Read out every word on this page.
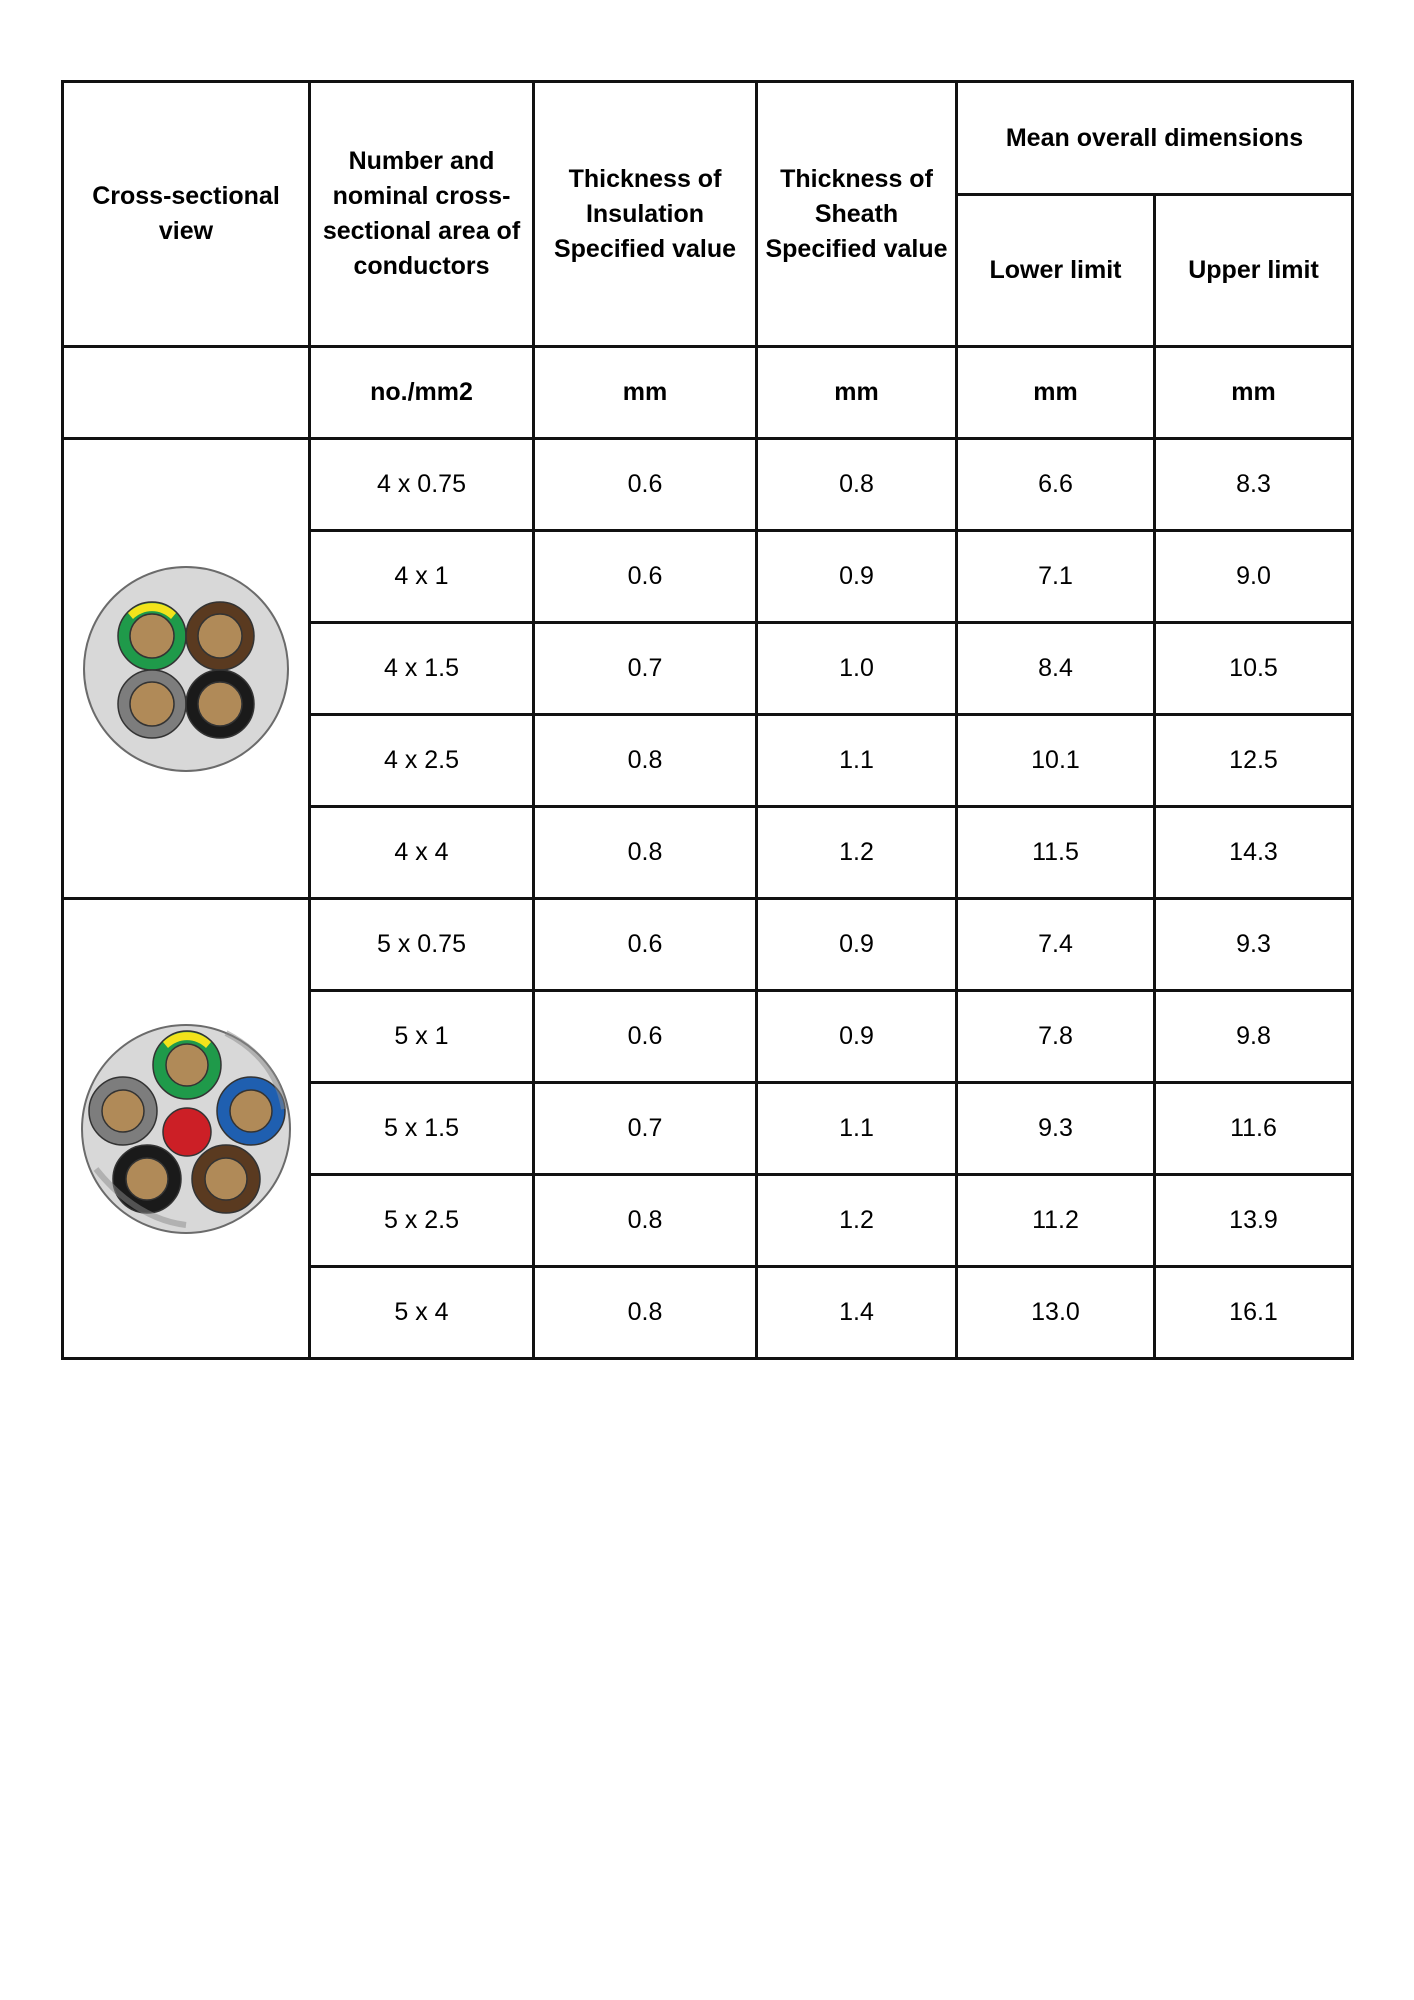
Cross-sectional view	Number and nominal cross-sectional area of conductors	Thickness of Insulation Specified value	Thickness of Sheath Specified value	Mean overall dimensions	
				Lower limit	Upper limit
	no./mm2	mm	mm	mm	mm

	4 x 0.75	0.6	0.8	6.6	8.3
	4 x 1	0.6	0.9	7.1	9.0
	4 x 1.5	0.7	1.0	8.4	10.5
	4 x 2.5	0.8	1.1	10.1	12.5
	4 x 4	0.8	1.2	11.5	14.3

	5 x 0.75	0.6	0.9	7.4	9.3
	5 x 1	0.6	0.9	7.8	9.8
	5 x 1.5	0.7	1.1	9.3	11.6
	5 x 2.5	0.8	1.2	11.2	13.9
	5 x 4	0.8	1.4	13.0	16.1
